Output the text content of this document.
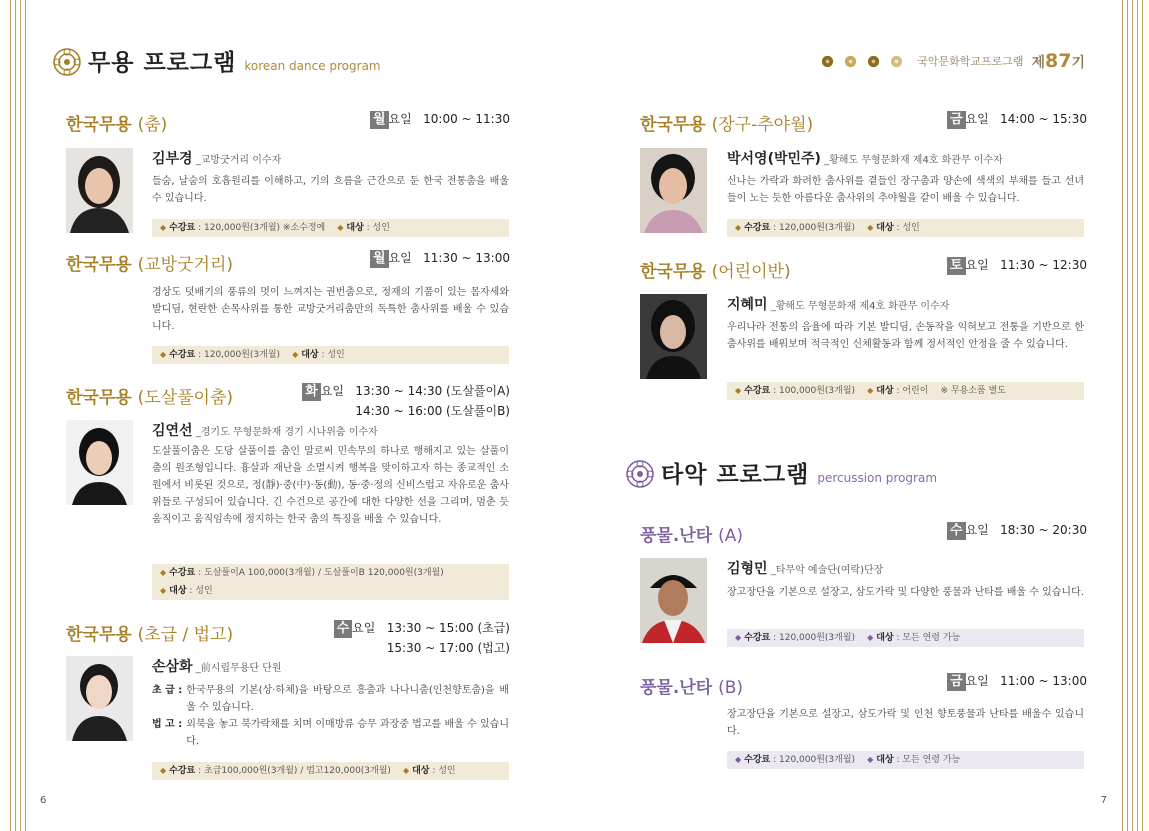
무용 프로그램 korean dance program
한국무용 (춤)	월 요일 10:00 ~ 11:30
김부경 _교방굿거리 이수자
들숨, 날숨의 호흡원리를 이해하고, 기의 흐름을 근간으로 둔 한국 전통춤을 배울 수 있습니다.
◆ 수강료 : 120,000원(3개월) ※소수정예 ◆ 대상 : 성인
한국무용 (교방굿거리)	월 요일 11:30 ~ 13:00
경상도 덧배기의 풍류의 멋이 느껴지는 권번춤으로, 정재의 기품이 있는 몸자세와 발디딤, 현란한 손목사위를 통한 교방굿거리춤만의 독특한 춤사위를 배울 수 있습니다.
◆ 수강료 : 120,000원(3개월) ◆ 대상 : 성인
한국무용 (도살풀이춤)	화 요일 13:30 ~ 14:30 (도살풀이A)
14:30 ~ 16:00 (도살풀이B)
김연선 _경기도 무형문화재 경기 시나위춤 이수자
도살풀이춤은 도당 살풀이를 춤인 말로써 민속무의 하나로 행해지고 있는 살풀이춤의 원조형입니다. 흉살과 재난을 소멸시켜 행복을 맞이하고자 하는 종교적인 소원에서 비롯된 것으로, 정(靜)·중(中)·동(動), 동·중·정의 신비스럽고 자유로운 춤사위들로 구성되어 있습니다. 긴 수건으로 공간에 대한 다양한 선을 그리며, 멈춘 듯 움직이고 움직임속에 정지하는 한국 춤의 특징을 배울 수 있습니다.
◆ 수강료 : 도살풀이A 100,000(3개월) / 도살풀이B 120,000원(3개월)
◆ 대상 : 성인
한국무용 (초급 / 법고)	수 요일 13:30 ~ 15:00 (초급)
15:30 ~ 17:00 (법고)
손삼화 _前시립무용단 단원
초 급 : 한국무용의 기본(상·하체)을 바탕으로 흥춤과 나나니춤(인천향토춤)을 배울 수 있습니다.
법 고 : 외북을 놓고 북가락채를 치며 이매방류 승무 과장중 법고를 배울 수 있습니다.
◆ 수강료 : 초급100,000원(3개월) / 법고120,000(3개월) ◆ 대상 : 성인
6
국악문화학교프로그램 제87기
한국무용 (장구-추야월)	금 요일 14:00 ~ 15:30
박서영(박민주) _황해도 무형문화재 제4호 화관무 이수자
신나는 가락과 화려한 춤사위를 곁들인 장구춤과 양손에 색색의 부채를 들고 선녀들이 노는 듯한 아름다운 춤사위의 추야월을 같이 배울 수 있습니다.
◆ 수강료 : 120,000원(3개월) ◆ 대상 : 성인
한국무용 (어린이반)	토 요일 11:30 ~ 12:30
지혜미 _황해도 무형문화재 제4호 화관무 이수자
우리나라 전통의 음율에 따라 기본 발디딤, 손동작을 익혀보고 전통을 기반으로 한 춤사위를 배워보며 적극적인 신체활동과 함께 정서적인 안정을 줄 수 있습니다.
◆ 수강료 : 100,000원(3개월) ◆ 대상 : 어린이 ※ 무용소품 별도
타악 프로그램 percussion program
풍물.난타 (A)	수 요일 18:30 ~ 20:30
김형민 _타무악 예술단(여락)단장
장고장단을 기본으로 설장고, 삼도가락 및 다양한 풍물과 난타를 배울 수 있습니다.
◆ 수강료 : 120,000원(3개월) ◆ 대상 : 모든 연령 가능
풍물.난타 (B)	금 요일 11:00 ~ 13:00
장고장단을 기본으로 설장고, 삼도가락 및 인천 향토풍물과 난타를 배울수 있습니다.
◆ 수강료 : 120,000원(3개월) ◆ 대상 : 모든 연령 가능
7
